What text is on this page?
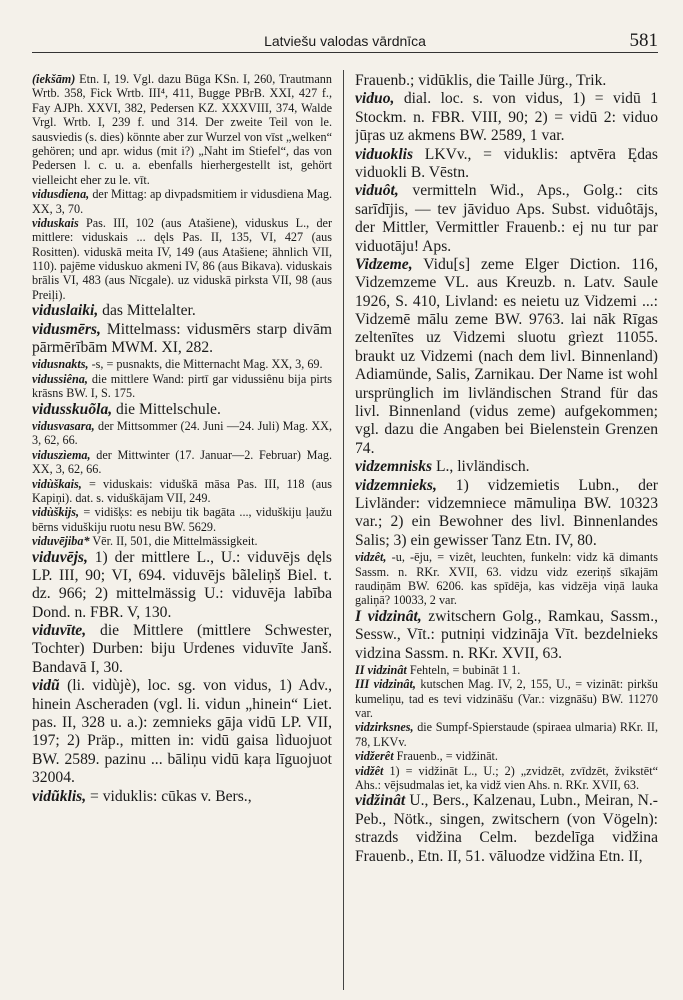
Latviešu valodas vārdnīca	581

(iekšām) Etn. I, 19. Vgl. dazu Būga KSn. I, 260, Trautmann Wrtb. 358, Fick Wrtb. III⁴, 411, Bugge PBrB. XXI, 427 f., Fay AJPh. XXVI, 382, Pedersen KZ. XXXVIII, 374, Walde Vrgl. Wrtb. I, 239 f. und 314. Der zweite Teil von le. sausviedis (s. dies) könnte aber zur Wurzel von vīst „welken“ gehören; und apr. widus (mit i?) „Naht im Stiefel“, das von Pedersen l. c. u. a. ebenfalls hierhergestellt ist, gehört vielleicht eher zu le. vīt.

vidusdiena, der Mittag: ap divpadsmitiem ir vidusdiena Mag. XX, 3, 70.

viduskais Pas. III, 102 (aus Atašiene), viduskus L., der mittlere: viduskais ... dęls Pas. II, 135, VI, 427 (aus Rositten). viduskā meita IV, 149 (aus Atašiene; ähnlich VII, 110). pajēme viduskuo akmeni IV, 86 (aus Bikava). viduskais brālis VI, 483 (aus Nīcgale). uz viduskā pirksta VII, 98 (aus Preiļi).

viduslaiki, das Mittelalter.

vidusmērs, Mittelmass: vidusmērs starp divām pārmērībām MWM. XI, 282.

vidusnakts, -s, = pusnakts, die Mitternacht Mag. XX, 3, 69.

vidussiêna, die mittlere Wand: pirtī gar vidussiênu bija pirts krāsns BW. I, S. 175.

vidusskuõla, die Mittelschule.

vidusvasara, der Mittsommer (24. Juni —24. Juli) Mag. XX, 3, 62, 66.

viduszìema, der Mittwinter (17. Januar—2. Februar) Mag. XX, 3, 62, 66.

vidùškais, = viduskais: viduškā māsa Pas. III, 118 (aus Kapiņi). dat. s. viduškājam VII, 249.

vidùškijs, = vidišķs: es nebiju tik bagāta ..., viduškiju ļaužu bērns viduškiju ruotu nesu BW. 5629.

viduvējiba* Vēr. II, 501, die Mittelmässigkeit.

viduvējs, 1) der mittlere L., U.: viduvējs dęls LP. III, 90; VI, 694. viduvējs bãleliņš Biel. t. dz. 966; 2) mittelmässig U.: viduvēja labība Dond. n. FBR. V, 130.

viduvīte, die Mittlere (mittlere Schwester, Tochter) Durben: biju Urdenes viduvīte Janš. Bandavā I, 30.

vidũ (li. vidùjè), loc. sg. von vidus, 1) Adv., hinein Ascheraden (vgl. li. vidun „hinein“ Liet. pas. II, 328 u. a.): zemnieks gāja vidū LP. VII, 197; 2) Präp., mitten in: vidū gaisa lìduojuot BW. 2589. pazinu ... bāliņu vidū kaŗa līguojuot 32004.

vidũklis, = viduklis: cūkas v. Bers.,

Frauenb.; vidūklis, die Taille Jürg., Trik.

viduo, dial. loc. s. von vidus, 1) = vidū 1 Stockm. n. FBR. VIII, 90; 2) = vidū 2: viduo jūŗas uz akmens BW. 2589, 1 var.

viduoklis LKVv., = viduklis: aptvēra Ędas viduokli B. Vēstn.

viduôt, vermitteln Wid., Aps., Golg.: cits sarīdījis, — tev jāviduo Aps. Subst. viduôtājs, der Mittler, Vermittler Frauenb.: ej nu tur par viduotāju! Aps.

Vidzeme, Vidu[s] zeme Elger Diction. 116, Vidzemzeme VL. aus Kreuzb. n. Latv. Saule 1926, S. 410, Livland: es neietu uz Vidzemi ...: Vidzemē mālu zeme BW. 9763. lai nāk Rīgas zeltenītes uz Vidzemi sluotu grìezt 11055. braukt uz Vidzemi (nach dem livl. Binnenland) Adiamünde, Salis, Zarnikau. Der Name ist wohl ursprünglich im livländischen Strand für das livl. Binnenland (vidus zeme) aufgekommen; vgl. dazu die Angaben bei Bielenstein Grenzen 74.

vidzemnisks L., livländisch.

vidzemnieks, 1) vidzemietis Lubn., der Livländer: vidzemniece māmuliņa BW. 10323 var.; 2) ein Bewohner des livl. Binnenlandes Salis; 3) ein gewisser Tanz Etn. IV, 80.

vidzêt, -u, -ēju, = vizêt, leuchten, funkeln: vidz kā dimants Sassm. n. RKr. XVII, 63. vidzu vidz ezeriņš sīkajām raudiņām BW. 6206. kas spīdēja, kas vidzēja viņā lauka galiņā? 10033, 2 var.

I vidzinât, zwitschern Golg., Ramkau, Sassm., Sessw., Vīt.: putniņi vidzināja Vīt. bezdelnieks vidzina Sassm. n. RKr. XVII, 63.

II vidzinât Fehteln, = bubināt 1 1.

III vidzinât, kutschen Mag. IV, 2, 155, U., = vizināt: pirkšu kumeliņu, tad es tevi vidzināšu (Var.: vizgnāšu) BW. 11270 var.

vidzirksnes, die Sumpf-Spierstaude (spiraea ulmaria) RKr. II, 78, LKVv.

vidžerêt Frauenb., = vidžināt.

vidžêt 1) = vidžināt L., U.; 2) „zvidzēt, zvīdzēt, žvikstēt“ Ahs.: vējsudmalas iet, ka vidž vien Ahs. n. RKr. XVII, 63.

vidžinât U., Bers., Kalzenau, Lubn., Meiran, N.-Peb., Nötk., singen, zwitschern (von Vögeln): strazds vidžina Celm. bezdelīga vidžina Frauenb., Etn. II, 51. vāluodze vidžina Etn. II,
